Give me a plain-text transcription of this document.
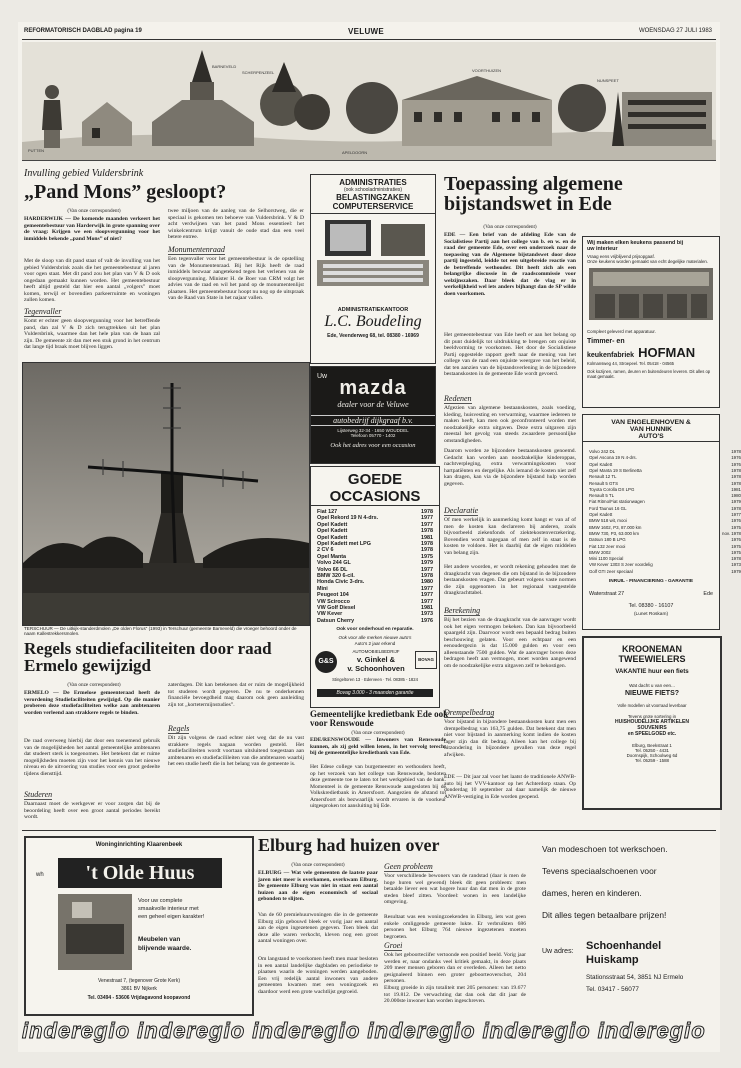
REFORMATORISCH DAGBLAD pagina 19	VELUWE	WOENSDAG 27 JULI 1983
PUTTEN
BARNEVELD
SCHERPENZEEL
APELDOORN
VOORTHUIZEN
NUNSPEET
Invulling gebied Vuldersbrink
„Pand Mons” gesloopt?
(Van onze correspondent)
HARDERWIJK — De komende maanden verkeert het gemeentebestuur van Harderwijk in grote spanning over de vraag: Krijgen we een sloopvergunning voor het inmiddels bekende „pand Mons” of niet?
Met de sloop van dit pand staat of valt de invulling van het gebied Vuldersbrink zoals die het gemeentebestuur al jaren voor ogen staat. Met dit pand zou het plan van V & D ook ongedaan gemaakt kunnen worden. Het gemeentebestuur heeft altijd gesteld dat hier een aantal „volgers” moet komen, terwijl er bovendien parkeerruimte en woningen zullen komen.
Tegenvaller
Komt er echter geen sloopvergunning voor het betreffende pand, dan zal V & D zich terugtrekken uit het plan Vuldersbrink, waarmee dan het hele plan van de baan zal zijn. De gemeente zit dan met een stuk grond in het centrum dat lange tijd braak moet blijven liggen.
twee miljoen van de aanleg van de Selhorstweg, die er speciaal is gekomen ten behoeve van Vuldersbrink. V & D acht verdwijnen van het pand Mons essentieel: het winkelcentrum krijgt vanuit de oude stad dan een veel betere entree.
Monumentenraad
Een tegenvaller voor het gemeentebestuur is de opstelling van de Monumentenraad. Bij het Rijk heeft de raad inmiddels bezwaar aangetekend tegen het verlenen van de sloopvergunning. Minister H. de Boer van CRM volgt het advies van de raad en wil het pand op de monumentenlijst plaatsen. Het gemeentebestuur hoopt nu nog op de uitspraak van de Raad van State in het najaar vallen.
TERSCHUUR — De uitkijk-standerdmolen „De olden Florus” (1993) in Terschuur (gemeente Barneveld) die vroeger behoord onder de naam Kallestrekkersmolen.
Regels studiefaciliteiten door raad Ermelo gewijzigd
(Van onze correspondent)
ERMELO — De Ermelose gemeenteraad heeft de verordening Studiefaciliteiten gewijzigd. Op die manier proberen deze studiefaciliteiten welke aan ambtenaren worden verleend aan strakkere regels te binden.
De raad overweeg hierbij dat door een toenemend gebruik van de mogelijkheden het aantal gemeentelijke ambtenaren dat studeert sterk is toegenomen. Het betekent dat er ruime mogelijkheden moeten zijn voor het kennis van het nieuwe niveau en de uitvoering van studies voor een groot gedeelte tijdens diensttijd.
Studeren
Daarnaast moet de werkgever er voor zorgen dat bij de beoordeling heeft over een groot aantal periodes bereikt wordt.
zaterdagen. Dit kan betekenen dat er ruim de mogelijkheid tot studeren wordt gegeven. De nu te onderkennen financiële bevoegdheid mag daarom ook geen aanleiding zijn tot „kortetermijnstudies”.
Regels
Dit zijn volgens de raad echter niet weg dat de nu vast strakkere regels nagaan worden gesteld. Het studiefaciliteiten wordt voortaan uitsluitend toegestaan aan ambtenaren en studiefacilileiten van die ambtenaren waarbij het een studie heeft die in het belang van de gemeente is.
ADMINISTRATIES
(ook schooladministraties)
BELASTINGZAKEN
COMPUTERSERVICE
ADMINISTRATIEKANTOOR
L.C. Boudeling
Ede, Veenderweg 68, tel. 08380 - 16969
Uw
mazda
dealer voor de Veluwe
autobedrijf dijkgraaf b.v.
Lijsterweg 32-34 · 1650 WOUDDEL
Telefoon 05770 - 1402
Ook het adres voor een occasion
GOEDE
OCCASIONS
Fiat 127	1978
Opel Rekord 19 N 4-drs.	1977
Opel Kadett	1977
Opel Kadett	1978
Opel Kadett	1981
Opel Kadett met LPG	1978
2 CV 6	1978
Opel Manta	1975
Volvo 244 GL	1979
Volvo 66 DL	1977
BMW 320 6-cil.	1978
Honda Civic 3-drs.	1980
Mini	1977
Peugeot 104	1977
VW Scirocco	1977
VW Golf Diesel	1981
VW Kever	1973
Datsun Cherry	1976
Ook voor onderhoud en reparatie.
Ook voor alle merken nieuwe auto's
Auto's 2 jaar erkend
G&S
AUTOMOBIELBEDRIJF
v. Ginkel &
v. Schoonhoven
BOVAG
Stingeltoren 13 · Ederveen · Tel. 08385 - 1824
Bovag 3.000 - 3 maanden garantie
Gemeentelijke kredietbank Ede ook voor Renswoude
(Van onze correspondent)
EDE/RENSWOUDE — Inwoners van Renswoude kunnen, als zij geld willen lenen, in het vervolg terecht bij de gemeentelijke kredietbank van Ede.
Het Edese college van burgemeester en wethouders heeft, op het verzoek van het college van Renswoude, besloten deze gemeente toe te laten tot het werkgebied van de bank. Momenteel is de gemeente Renswoude aangesloten bij de Volkskredietbank in Amersfoort. Aangezien de afstand tot Amersfoort als bezwaarlijk wordt ervaren is de voorkeur uitgesproken tot aansluiting bij Ede.
Toepassing algemene bijstandswet in Ede
(Van onze correspondent)
EDE — Een brief van de afdeling Ede van de Socialistiese Partij aan het college van b. en w. en de raad der gemeente Ede, over een onderzoek naar de toepassing van de Algemene bijstandswet door deze partij ingesteld, leidde tot een uitgebreide reactie van de betreffende wethouder. Dit heeft zich als een belangrijke discussie in de raadscommissie voor welzijnszaken. Daar bleek dat de vlag er in werkelijkheid wel iets anders bijhangt dan de SP wilde doen voorkomen.
Het gemeentebestuur van Ede heeft er aan het belang op dit punt duidelijk tot uitdrukking te brengen om onjuiste beeldvorming te voorkomen. Het door de Socialistiese Partij opgestelde rapport geeft naar de mening van het college van de raad een onjuiste weergave van het beleid, dat ten aanzien van de bijstandsverlening in de bijzondere bestaanskosten in de gemeente Ede wordt gevoerd.
Redenen
Afgezien van algemene bestaanskosten, zoals voeding, kleding, huisvesting en verwarming, waarmee iedereen te maken heeft, kan men ook geconfronteerd worden met noodzakelijke extra uitgaven. Deze extra uitgaven zijn meestal het gevolg van steeds zwaardere persoonlijke omstandigheden.
Daarom worden ze bijzondere bestaanskosten genoemd. Gedacht kan worden aan noodzakelijke kinderoppas, nachtverpleging, extra verwarmingskosten voor hartpatiënten en dergelijke. Als iemand de kosten niet zelf kan dragen, kan via de bijzondere bijstand hulp worden gegeven.
Declaratie
Of men werkelijk in aanmerking komt hangt er van af of men de kosten kan declareren bij anderen, zoals bijvoorbeeld ziekenfonds of ziektekostenverzekering. Bovendien wordt nagegaan of men zelf in staat is de kosten te voldoen. Het is daarbij dat de eigen middelen van belang zijn.
Het andere woorden, er wordt rekening gehouden met de draagkracht van degenen die om bijstand in de bijzondere bestaanskosten vragen. Dat gebeurt volgens vaste normen die zijn opgenomen in het regionaal vastgestelde draagkrachttabel.
Berekening
Bij het bezien van de draagkracht van de aanvrager wordt ook het eigen vermogen bekeken. Dan kan bijvoorbeeld spaargeld zijn. Daarvoor wordt een bepaald bedrag buiten beschouwing gelaten. Voor een echtpaar en een eenoudergezin is dat 15.000 gulden en voor een alleenstaande 7500 gulden. Wat de aanvrager boven deze bedragen heeft aan vermogen, moet worden aangewend om de noodzakelijke extra uitgaven zelf te bekostigen.
Drempelbedrag
Voor bijstand in bijzondere bestaanskosten kunt men een drempelbedrag van 163,75 gulden. Dat betekent dat men niet voor bijstand in aanmerking komt indien de kosten lager zijn dan dit bedrag. Alleen kan het college bij uitzondering in bijzondere gevallen van deze regel afwijken.
EDE — Dit jaar zal voor het laatst de traditionele ANWB-auto bij het VVV-kantoor op het Achterdorp staan. Op donderdag 10 september zal daar namelijk de nieuwe ANWB-vestiging in Ede worden geopend.
Wij maken elken keukens passend bij
uw interieur
Vraag eens vrijblijvend prijsopgaaf.
Onze keukens worden gemaakt van echt degelijke materialen.
Compleet geleverd met apparatuur.
Timmer- en
keukenfabriek HOFMAN
Kolmansweg 44, Stroepeel. Tel. 05418 - 04565
Ook kozijnen, ramen, deuren en buitendeuren leveren. Dit alles op maat gemaakt.
VAN ENGELENHOVEN &
VAN HUNNIK
AUTO'S
Volvo 242 DL	1978
Opel Ascona 19 N 4-drs.	1976
Opel Kadett	1976
Opel Manta 19 S Berlinetta	1978
Renault 12 TL	1978
Renault 5 GTS	1978
Toyota Corolla DX LPG	1981
Renault 5 TL	1980
Fiat Ritmo/Fiat stationwagen	1979
Ford Taunus 16 GL	1978
Opel Kadett	1977
BMW 518 wit, mooi	1976
BMW 1602, P3, 87.000 km	1975
BMW 730, P3, 63.000 km	nov. 1978
Datsun 180 B LPG	1976
Fiat 132 zeer mooi	1975
BMW 2002	1975
Mini 1100 Special	1978
VW Kever 1303 S zeer voordelig	1973
Golf GTI zeer speciaal	1979
INRUIL - FINANCIERING - GARANTIE
Waterstraat 27	Ede
Tel. 08380 - 16107
(Lunet Roskam)
KROONEMAN
TWEEWIELERS
VAKANTIE huur een fiets
Wat dacht u van een...
NIEUWE FIETS?
Volle modellen uit voorraad leverbaar
Tevens grote sortering in
HUISHOUDELIJKE ARTIKELEN
SOUVENIRS
en SPEELGOED etc.
Elburg, Beekstraat 1
Tel. 05250 - 4431
Doornspijk, Schoolweg 6d
Tel. 05259 - 1588
Woninginrichting Klaarenbeek
wh	't Olde Huus
Voor uw complete
smaakvolle interieur met
een geheel eigen karakter!
Meubelen van
blijvende waarde.
Venestraat 7, (tegenover Grote Kerk)
3861 BV Nijkerk
Tel. 03494 - 53606 Vrijdagavond koopavond
Elburg had huizen over
(Van onze correspondent)
ELBURG — Wat vele gemeenten de laatste paar jaren niet meer is overkomen, overkwam Elburg. De gemeente Elburg was niet in staat een aantal huizen aan de eigen economisch of sociaal gebonden te slijten.
Van de 60 premiehuurwoningen die in de gemeente Elburg zijn gebouwd bleek er vorig jaar een aantal aan de eigen ingezetenen gegeven. Toen bleek dat deze alle waren verkocht, kleven nog een groot aantal woningen over.
Om langstand te voorkomen heeft men maar besloten in een aantal landelijke dagbladen en periodieke te plaatsen waarin de woningen werden aangeboden. Een vrij redelijk aantal inwoners van andere gemeenten kwamen met een woningzoek en daardoor werd een grote wachtlijst gegroeid.
Geen probleem
Voor verschillende bewoners van de randstad (daar is men de hoge huren wel gewend) bleek dit geen probleem: men betaalde liever een wat hogere huur dan dat men in de grote steden bleef zitten. Voordeel: wonen in een landelijke omgeving.
Resultaat was een woningzoekenden in Elburg, iets wat geen enkele omliggende gemeente lukte. Er verbruikten 686 personen het Elburg 764 nieuwe ingezetenen moeten begroeten.
Groei
Ook het geboorteciifer vertoonde een positief beeld. Vorig jaar werden er, naar ondanks veel kritiek gemaakt, in deze plaats 209 meer mensen geboren dan er overleden. Alleen het netto gesignaleerd binnen een groter geboorteoverschot, 204 personen.
Elburg groeide in zijn totaliteit met 205 personen: van 19.677 tot 19.812. De verwachting dat dan ook dat dit jaar de 20.000ste inwoner kan worden ingeschreven.
Van modeschoen tot werkschoen.
Tevens speciaalschoenen voor
dames, heren en kinderen.
Dit alles tegen betaalbare prijzen!
Uw adres: Schoenhandel
Huiskamp
Stationsstraat 54, 3851 NJ Ermelo
Tel. 03417 - 56077
inderegio inderegio inderegio inderegio inderegio inderegio
